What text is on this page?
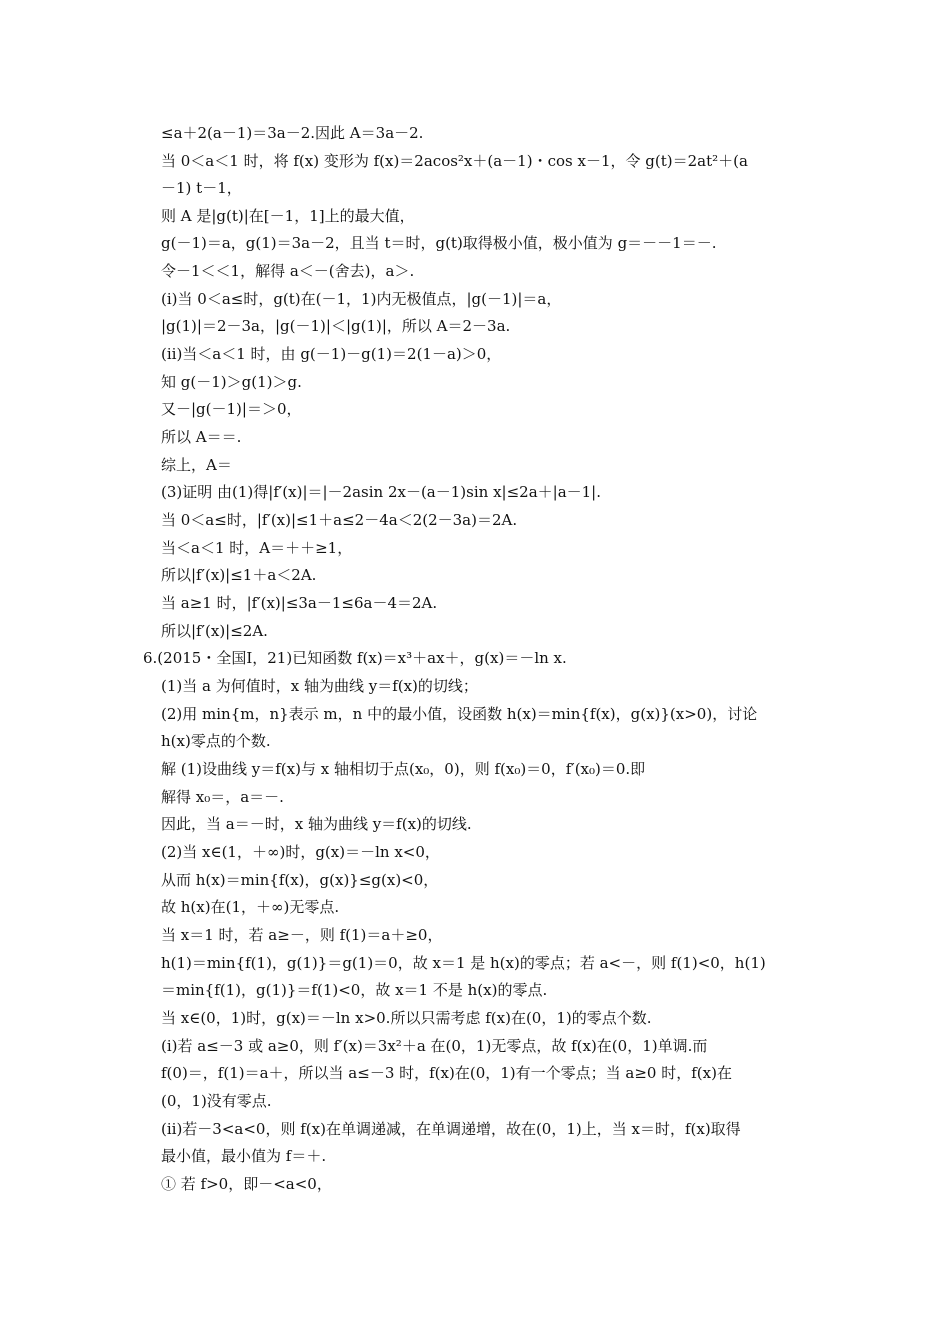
≤a＋2(a－1)＝3a－2.因此 A＝3a－2.
当 0＜a＜1 时，将 f(x) 变形为 f(x)＝2acos²x＋(a－1)・cos x－1，令 g(t)＝2at²＋(a
－1) t－1，
则 A 是|g(t)|在[－1，1]上的最大值，
g(－1)＝a，g(1)＝3a－2，且当 t＝时，g(t)取得极小值，极小值为 g＝－－1＝－.
令－1＜＜1，解得 a＜－(舍去)，a＞.
(ⅰ)当 0＜a≤时，g(t)在(－1，1)内无极值点，|g(－1)|＝a，
|g(1)|＝2－3a，|g(－1)|＜|g(1)|，所以 A＝2－3a.
(ⅱ)当＜a＜1 时，由 g(－1)－g(1)＝2(1－a)＞0，
知 g(－1)＞g(1)＞g.
又－|g(－1)|＝＞0，
所以 A＝＝.
综上，A＝
(3)证明 由(1)得|f′(x)|＝|－2asin 2x－(a－1)sin x|≤2a＋|a－1|.
当 0＜a≤时，|f′(x)|≤1＋a≤2－4a＜2(2－3a)＝2A.
当＜a＜1 时，A＝＋＋≥1，
所以|f′(x)|≤1＋a＜2A.
当 a≥1 时，|f′(x)|≤3a－1≤6a－4＝2A.
所以|f′(x)|≤2A.
6.(2015・全国Ⅰ，21)已知函数 f(x)＝x³＋ax＋，g(x)＝－ln x.
(1)当 a 为何值时，x 轴为曲线 y＝f(x)的切线；
(2)用 min{m，n}表示 m，n 中的最小值，设函数 h(x)＝min{f(x)，g(x)}(x>0)，讨论
h(x)零点的个数.
解 (1)设曲线 y＝f(x)与 x 轴相切于点(x₀，0)，则 f(x₀)＝0，f′(x₀)＝0.即
解得 x₀＝，a＝－.
因此，当 a＝－时，x 轴为曲线 y＝f(x)的切线.
(2)当 x∈(1，＋∞)时，g(x)＝－ln x<0，
从而 h(x)＝min{f(x)，g(x)}≤g(x)<0，
故 h(x)在(1，＋∞)无零点.
当 x＝1 时，若 a≥－，则 f(1)＝a＋≥0，
h(1)＝min{f(1)，g(1)}＝g(1)＝0，故 x＝1 是 h(x)的零点；若 a<－，则 f(1)<0，h(1)
＝min{f(1)，g(1)}＝f(1)<0，故 x＝1 不是 h(x)的零点.
当 x∈(0，1)时，g(x)＝－ln x>0.所以只需考虑 f(x)在(0，1)的零点个数.
(ⅰ)若 a≤－3 或 a≥0，则 f′(x)＝3x²＋a 在(0，1)无零点，故 f(x)在(0，1)单调.而
f(0)＝，f(1)＝a＋，所以当 a≤－3 时，f(x)在(0，1)有一个零点；当 a≥0 时，f(x)在
(0，1)没有零点.
(ⅱ)若－3<a<0，则 f(x)在单调递减，在单调递增，故在(0，1)上，当 x＝时，f(x)取得
最小值，最小值为 f＝＋.
① 若 f>0，即－<a<0，
